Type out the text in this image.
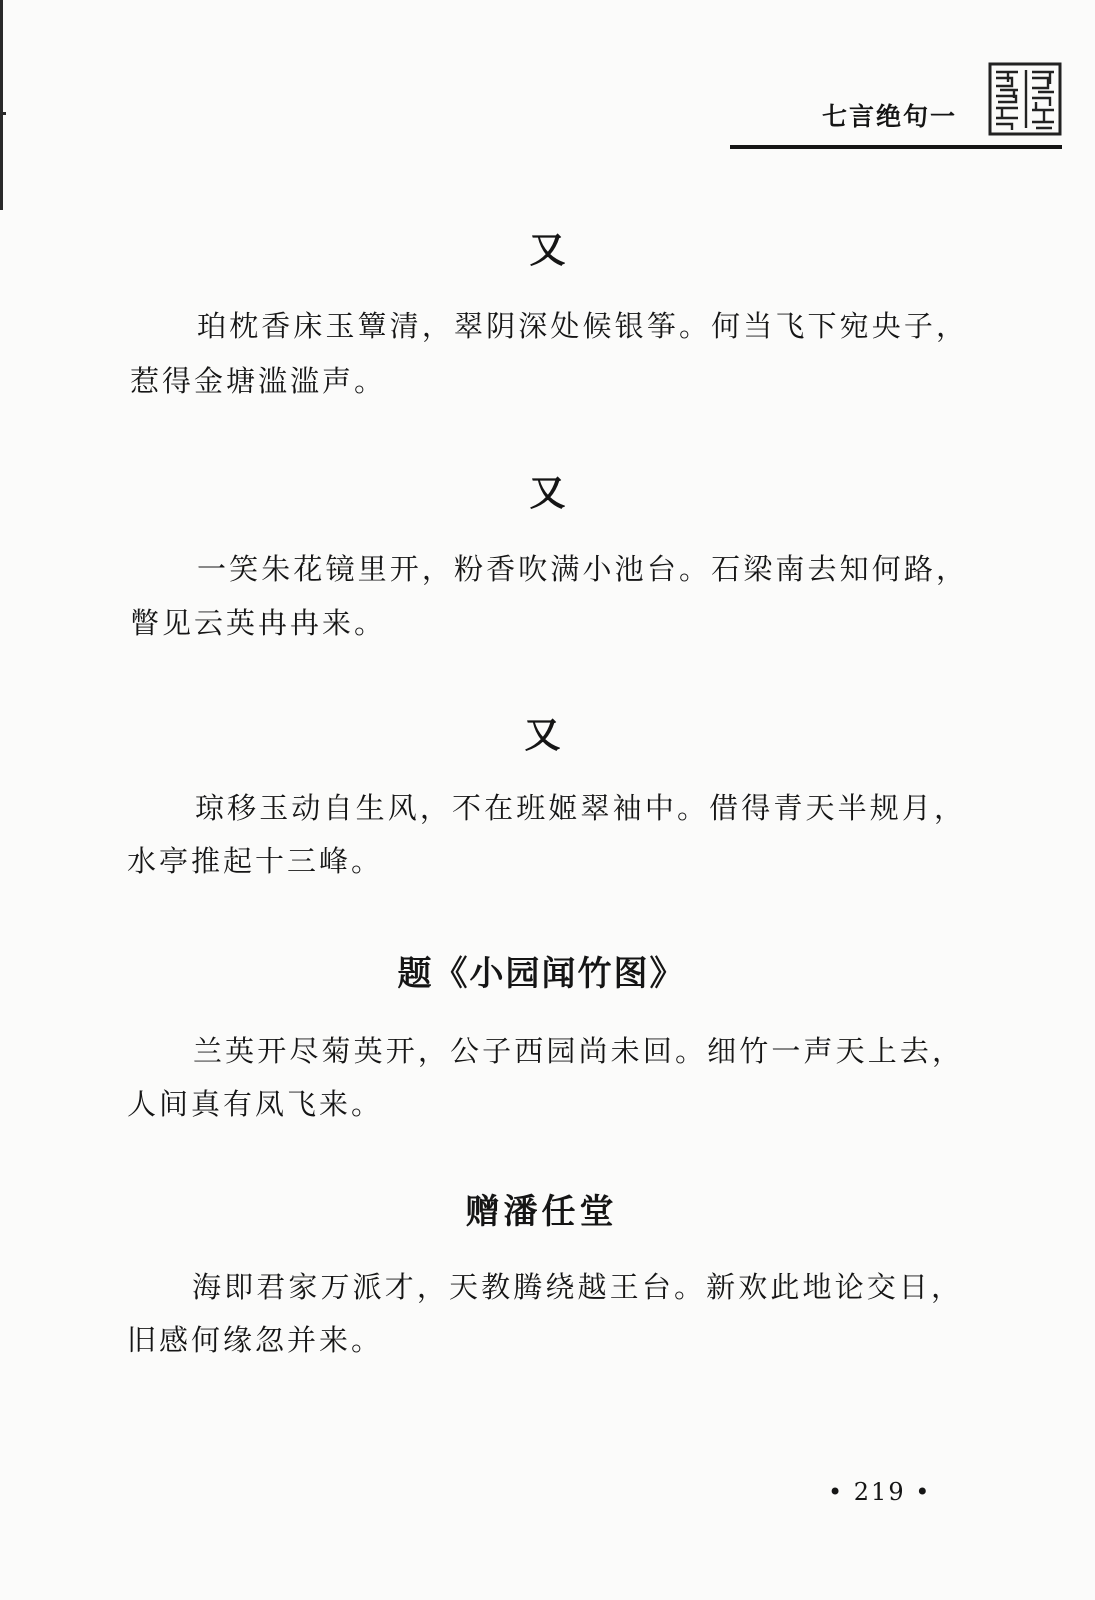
七言绝句一
又
珀枕香床玉簟清，翠阴深处候银筝。何当飞下宛央子，
惹得金塘滥滥声。
又
一笑朱花镜里开，粉香吹满小池台。石梁南去知何路，
瞥见云英冉冉来。
又
琼移玉动自生风，不在班姬翠袖中。借得青天半规月，
水亭推起十三峰。
题《小园闻竹图》
兰英开尽菊英开，公子西园尚未回。细竹一声天上去，
人间真有凤飞来。
赠潘任堂
海即君家万派才，天教腾绕越王台。新欢此地论交日，
旧感何缘忽并来。
• 219 •
